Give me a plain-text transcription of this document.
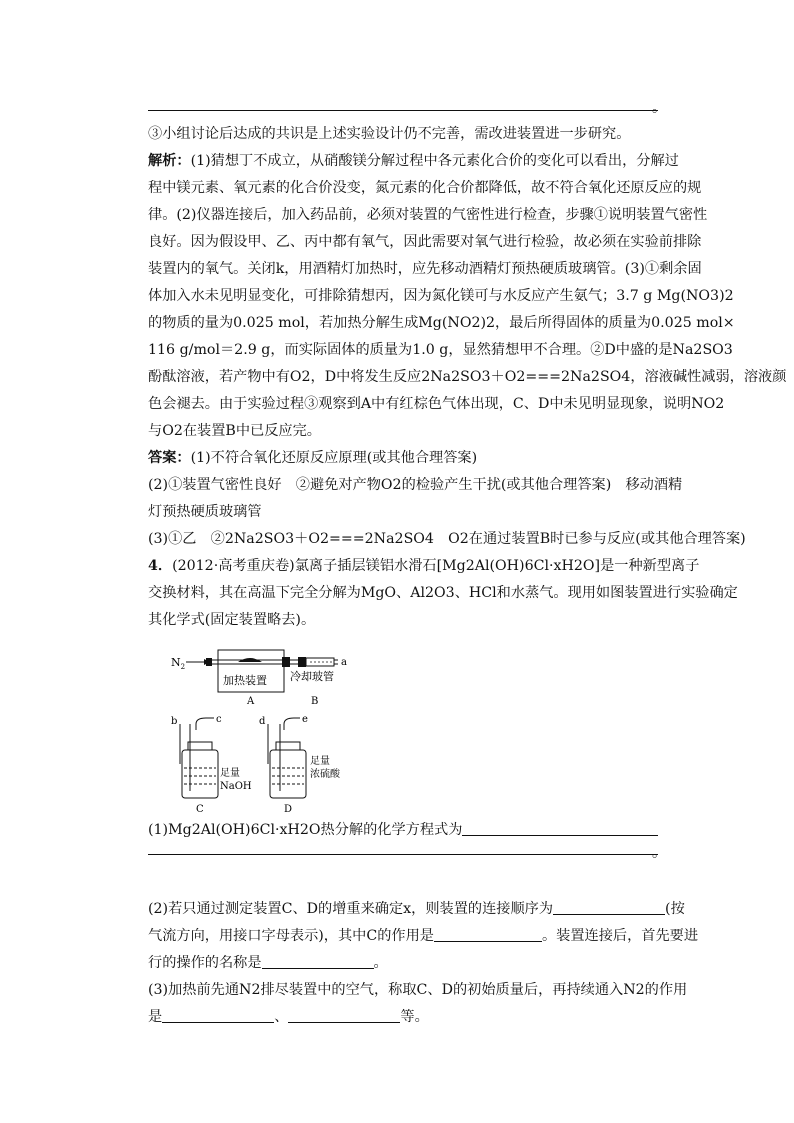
。
③小组讨论后达成的共识是上述实验设计仍不完善，需改进装置进一步研究。
解析：(1)猜想丁不成立，从硝酸镁分解过程中各元素化合价的变化可以看出，分解过
程中镁元素、氧元素的化合价没变，氮元素的化合价都降低，故不符合氧化还原反应的规
律。(2)仪器连接后，加入药品前，必须对装置的气密性进行检查，步骤①说明装置气密性
良好。因为假设甲、乙、丙中都有氧气，因此需要对氧气进行检验，故必须在实验前排除
装置内的氧气。关闭k，用酒精灯加热时，应先移动酒精灯预热硬质玻璃管。(3)①剩余固
体加入水未见明显变化，可排除猜想丙，因为氮化镁可与水反应产生氨气；3.7 g Mg(NO3)2
的物质的量为0.025 mol，若加热分解生成Mg(NO2)2，最后所得固体的质量为0.025 mol×
116 g/mol＝2.9 g，而实际固体的质量为1.0 g，显然猜想甲不合理。②D中盛的是Na2SO3
酚酞溶液，若产物中有O2，D中将发生反应2Na2SO3＋O2===2Na2SO4，溶液碱性减弱，溶液颜
色会褪去。由于实验过程③观察到A中有红棕色气体出现，C、D中未见明显现象，说明NO2
与O2在装置B中已反应完。
答案：(1)不符合氧化还原反应原理(或其他合理答案)
(2)①装置气密性良好　②避免对产物O2的检验产生干扰(或其他合理答案)　移动酒精
灯预热硬质玻璃管
(3)①乙　②2Na2SO3＋O2===2Na2SO4　O2在通过装置B时已参与反应(或其他合理答案)
4．(2012·高考重庆卷)氯离子插层镁铝水滑石[Mg2Al(OH)6Cl·xH2O]是一种新型离子
交换材料，其在高温下完全分解为MgO、Al2O3、HCl和水蒸气。现用如图装置进行实验确定
其化学式(固定装置略去)。
$N_2$
加热装置
A
a
冷却玻管
B
b	c
足量
NaOH
C
d	e
足量
浓硫酸
D
(1)Mg2Al(OH)6Cl·xH2O热分解的化学方程式为
。
(2)若只通过测定装置C、D的增重来确定x，则装置的连接顺序为	(按
气流方向，用接口字母表示)，其中C的作用是	。装置连接后，首先要进
行的操作的名称是	。
(3)加热前先通N2排尽装置中的空气，称取C、D的初始质量后，再持续通入N2的作用
是	、	等。
